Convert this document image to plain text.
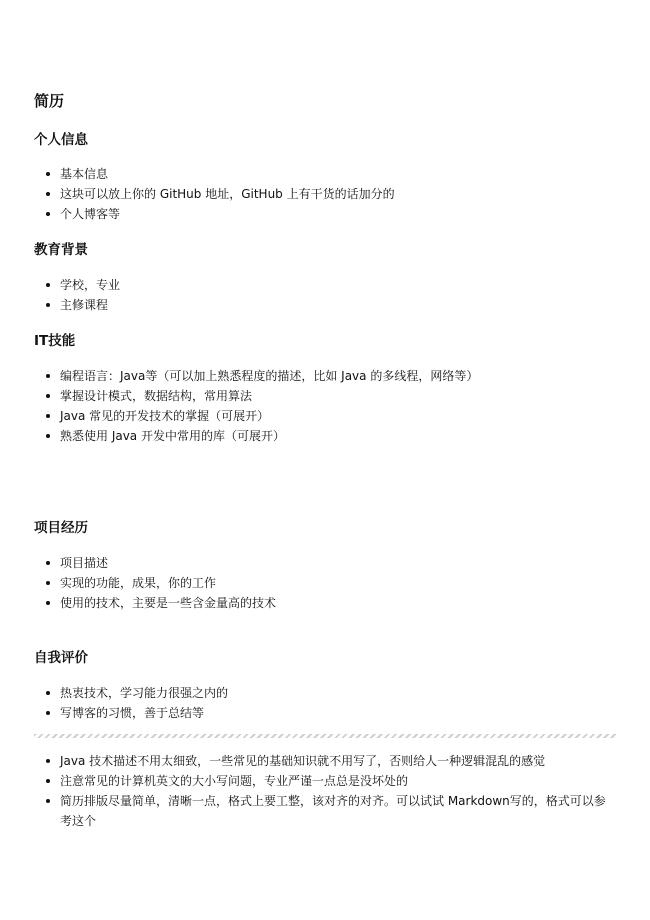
简历
个人信息
基本信息
这块可以放上你的 GitHub 地址，GitHub 上有干货的话加分的
个人博客等
教育背景
学校，专业
主修课程
IT技能
编程语言：Java等（可以加上熟悉程度的描述，比如 Java 的多线程，网络等）
掌握设计模式，数据结构，常用算法
Java 常见的开发技术的掌握（可展开）
熟悉使用 Java 开发中常用的库（可展开）
项目经历
项目描述
实现的功能，成果，你的工作
使用的技术，主要是一些含金量高的技术
自我评价
热衷技术，学习能力很强之内的
写博客的习惯，善于总结等
Java 技术描述不用太细致，一些常见的基础知识就不用写了，否则给人一种逻辑混乱的感觉
注意常见的计算机英文的大小写问题，专业严谨一点总是没坏处的
简历排版尽量简单，清晰一点，格式上要工整，该对齐的对齐。可以试试 Markdown写的，格式可以参考这个
